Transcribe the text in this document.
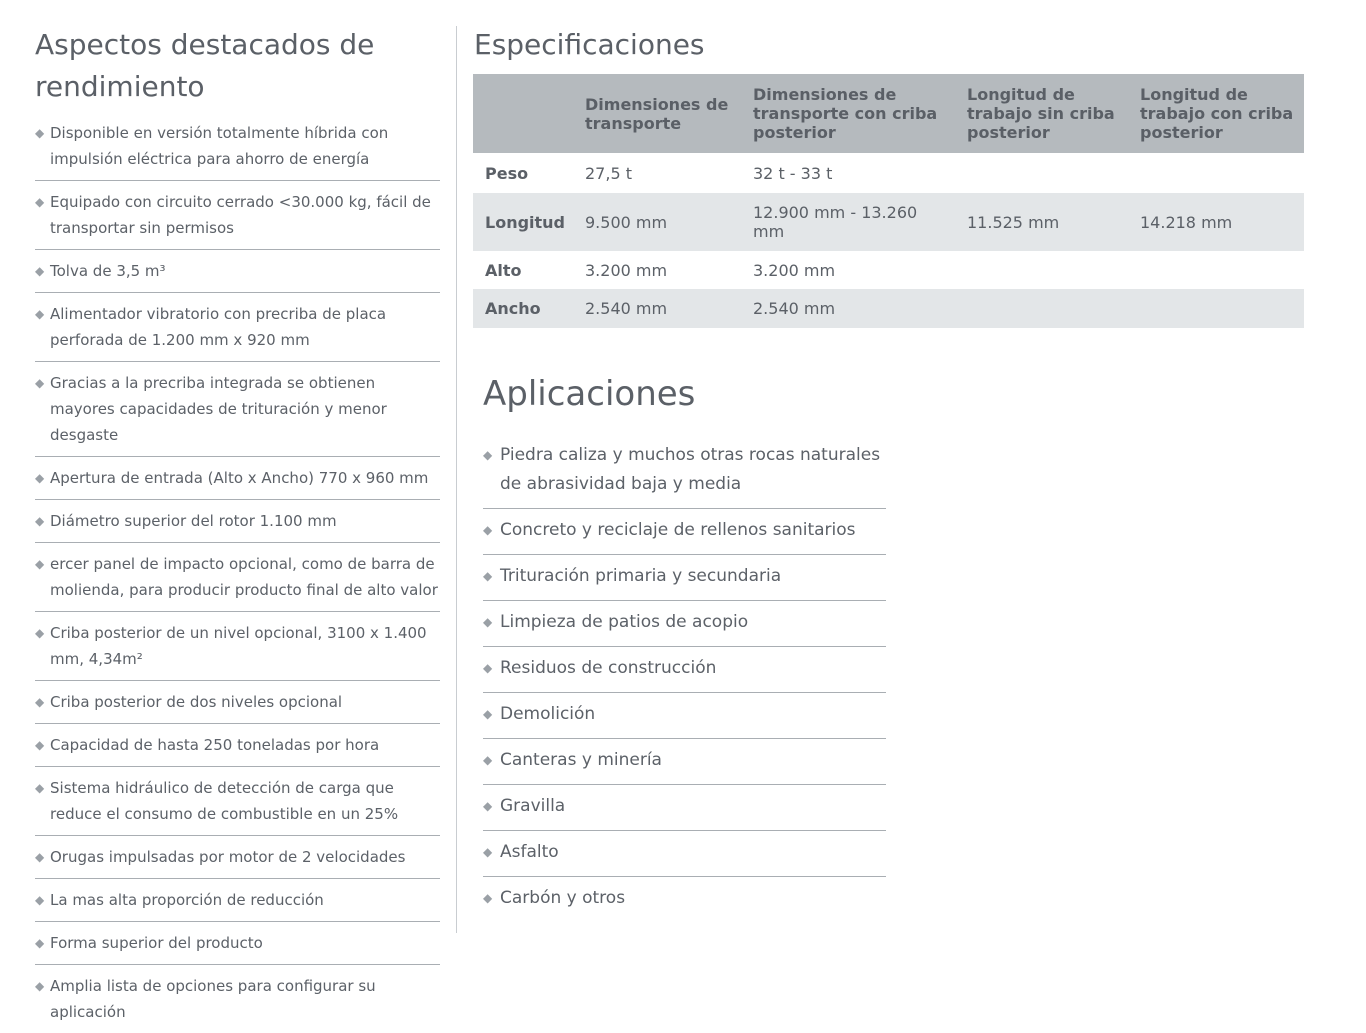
Aspectos destacados de rendimiento
◆ Disponible en versión totalmente híbrida con impulsión eléctrica para ahorro de energía
◆ Equipado con circuito cerrado <30.000 kg, fácil de transportar sin permisos
◆ Tolva de 3,5 m³
◆ Alimentador vibratorio con precriba de placa perforada de 1.200 mm x 920 mm
◆ Gracias a la precriba integrada se obtienen mayores capacidades de trituración y menor desgaste
◆ Apertura de entrada (Alto x Ancho) 770 x 960 mm
◆ Diámetro superior del rotor 1.100 mm
◆ ercer panel de impacto opcional, como de barra de molienda, para producir producto final de alto valor
◆ Criba posterior de un nivel opcional, 3100 x 1.400 mm, 4,34m²
◆ Criba posterior de dos niveles opcional
◆ Capacidad de hasta 250 toneladas por hora
◆ Sistema hidráulico de detección de carga que reduce el consumo de combustible en un 25%
◆ Orugas impulsadas por motor de 2 velocidades
◆ La mas alta proporción de reducción
◆ Forma superior del producto
◆ Amplia lista de opciones para configurar su aplicación
Especificaciones
	Dimensiones de transporte	Dimensiones de transporte con criba posterior	Longitud de trabajo sin criba posterior	Longitud de trabajo con criba posterior
Peso	27,5 t	32 t - 33 t		
Longitud	9.500 mm	12.900 mm - 13.260 mm	11.525 mm	14.218 mm
Alto	3.200 mm	3.200 mm		
Ancho	2.540 mm	2.540 mm		
Aplicaciones
◆ Piedra caliza y muchos otras rocas naturales de abrasividad baja y media
◆ Concreto y reciclaje de rellenos sanitarios
◆ Trituración primaria y secundaria
◆ Limpieza de patios de acopio
◆ Residuos de construcción
◆ Demolición
◆ Canteras y minería
◆ Gravilla
◆ Asfalto
◆ Carbón y otros
